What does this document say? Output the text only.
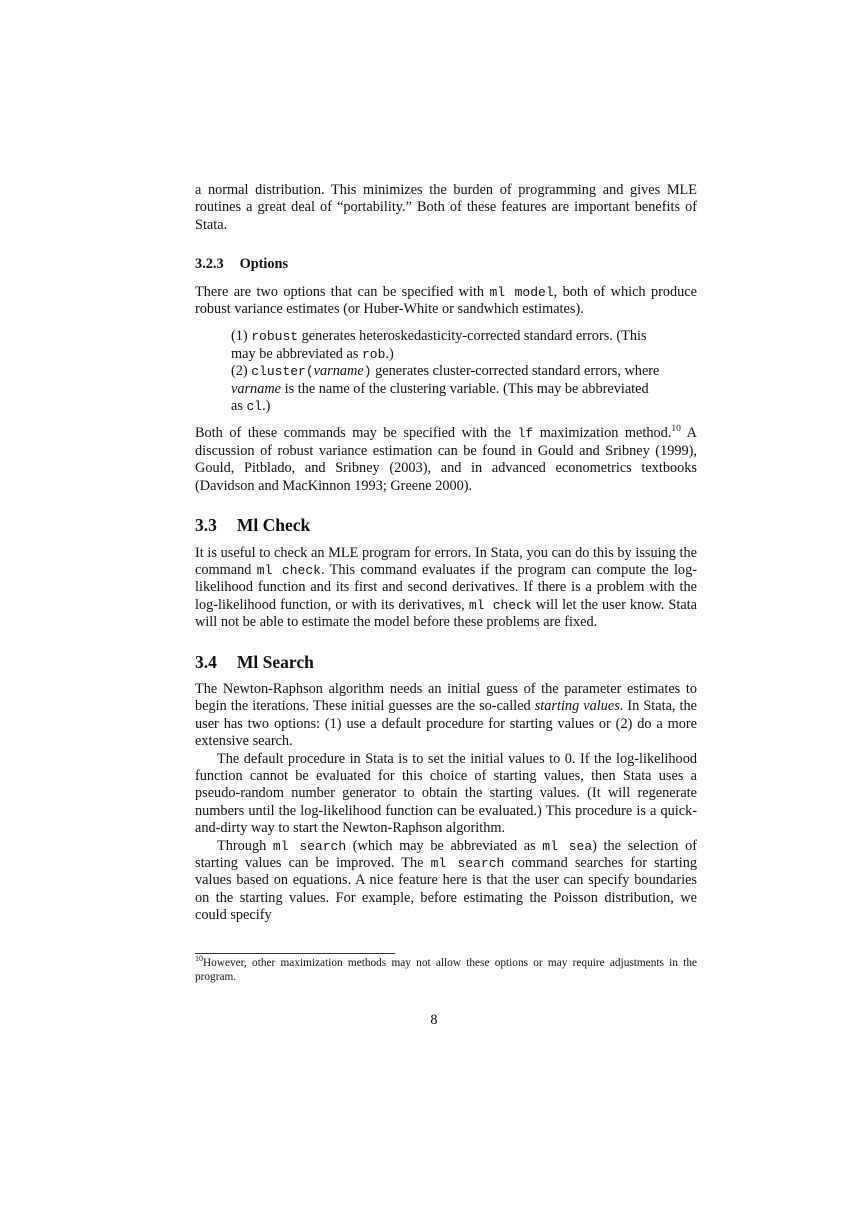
a normal distribution. This minimizes the burden of programming and gives MLE routines a great deal of “portability.” Both of these features are important benefits of Stata.

3.2.3 Options

There are two options that can be specified with ml model, both of which produce robust variance estimates (or Huber-White or sandwhich estimates).

(1) robust generates heteroskedasticity-corrected standard errors. (This may be abbreviated as rob.)

(2) cluster(varname) generates cluster-corrected standard errors, where varname is the name of the clustering variable. (This may be abbreviated as cl.)

Both of these commands may be specified with the lf maximization method.$^{10}$ A discussion of robust variance estimation can be found in Gould and Sribney (1999), Gould, Pitblado, and Sribney (2003), and in advanced econometrics textbooks (Davidson and MacKinnon 1993; Greene 2000).

3.3 Ml Check

It is useful to check an MLE program for errors. In Stata, you can do this by issuing the command ml check. This command evaluates if the program can compute the log-likelihood function and its first and second derivatives. If there is a problem with the log-likelihood function, or with its derivatives, ml check will let the user know. Stata will not be able to estimate the model before these problems are fixed.

3.4 Ml Search

The Newton-Raphson algorithm needs an initial guess of the parameter estimates to begin the iterations. These initial guesses are the so-called starting values. In Stata, the user has two options: (1) use a default procedure for starting values or (2) do a more extensive search.

The default procedure in Stata is to set the initial values to 0. If the log-likelihood function cannot be evaluated for this choice of starting values, then Stata uses a pseudo-random number generator to obtain the starting values. (It will regenerate numbers until the log-likelihood function can be evaluated.) This procedure is a quick-and-dirty way to start the Newton-Raphson algorithm.

Through ml search (which may be abbreviated as ml sea) the selection of starting values can be improved. The ml search command searches for starting values based on equations. A nice feature here is that the user can specify boundaries on the starting values. For example, before estimating the Poisson distribution, we could specify

$^{10}$However, other maximization methods may not allow these options or may require adjustments in the program.
8
